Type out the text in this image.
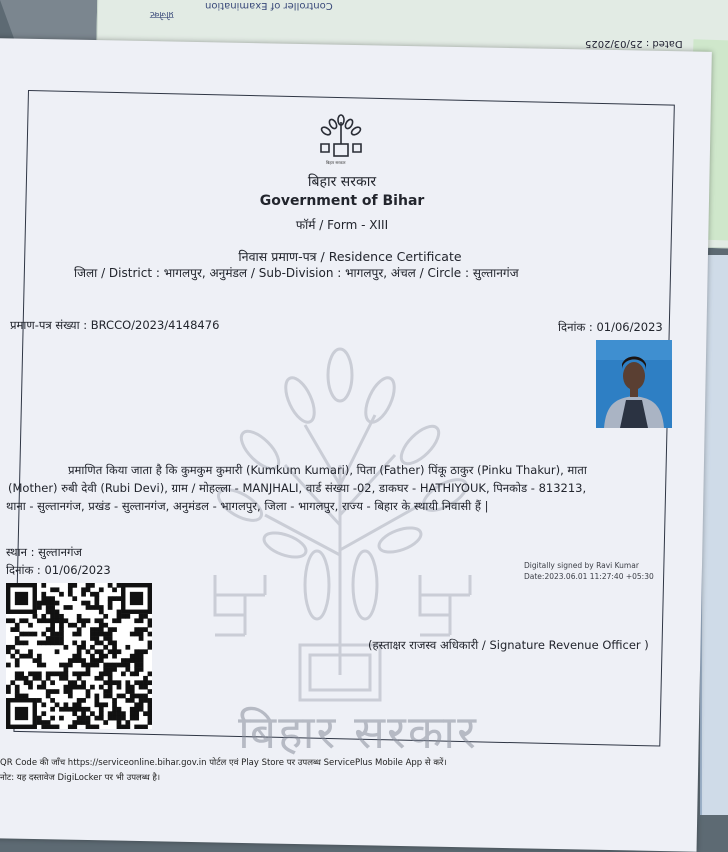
Controller of Examination
प्रोजेक्ट
Dated : 25/03/2025
बिहार सरकार
बिहार सरकार
बिहार सरकार
Government of Bihar
फॉर्म / Form - XIII
निवास प्रमाण-पत्र / Residence Certificate
जिला / District : भागलपुर, अनुमंडल / Sub-Division : भागलपुर, अंचल / Circle : सुल्तानगंज
प्रमाण-पत्र संख्या : BRCCO/2023/4148476	दिनांक : 01/06/2023
प्रमाणित किया जाता है कि कुमकुम कुमारी (Kumkum Kumari), पिता (Father) पिंकू ठाकुर (Pinku Thakur), माता
(Mother) रुबी देवी (Rubi Devi), ग्राम / मोहल्ला - MANJHALI, वार्ड संख्या -02, डाकघर - HATHIYOUK, पिनकोड - 813213,
थाना - सुल्तानगंज, प्रखंड - सुल्तानगंज, अनुमंडल - भागलपुर, जिला - भागलपुर, राज्य - बिहार के स्थायी निवासी हैं |
स्थान : सुल्तानगंज
दिनांक : 01/06/2023	Digitally signed by Ravi Kumar
Date:2023.06.01 11:27:40 +05:30
(हस्ताक्षर राजस्व अधिकारी / Signature Revenue Officer )
QR Code की जाँच https://serviceonline.bihar.gov.in पोर्टल एवं Play Store पर उपलब्ध ServicePlus Mobile App से करें।
नोट: यह दस्तावेज DigiLocker पर भी उपलब्ध है।
